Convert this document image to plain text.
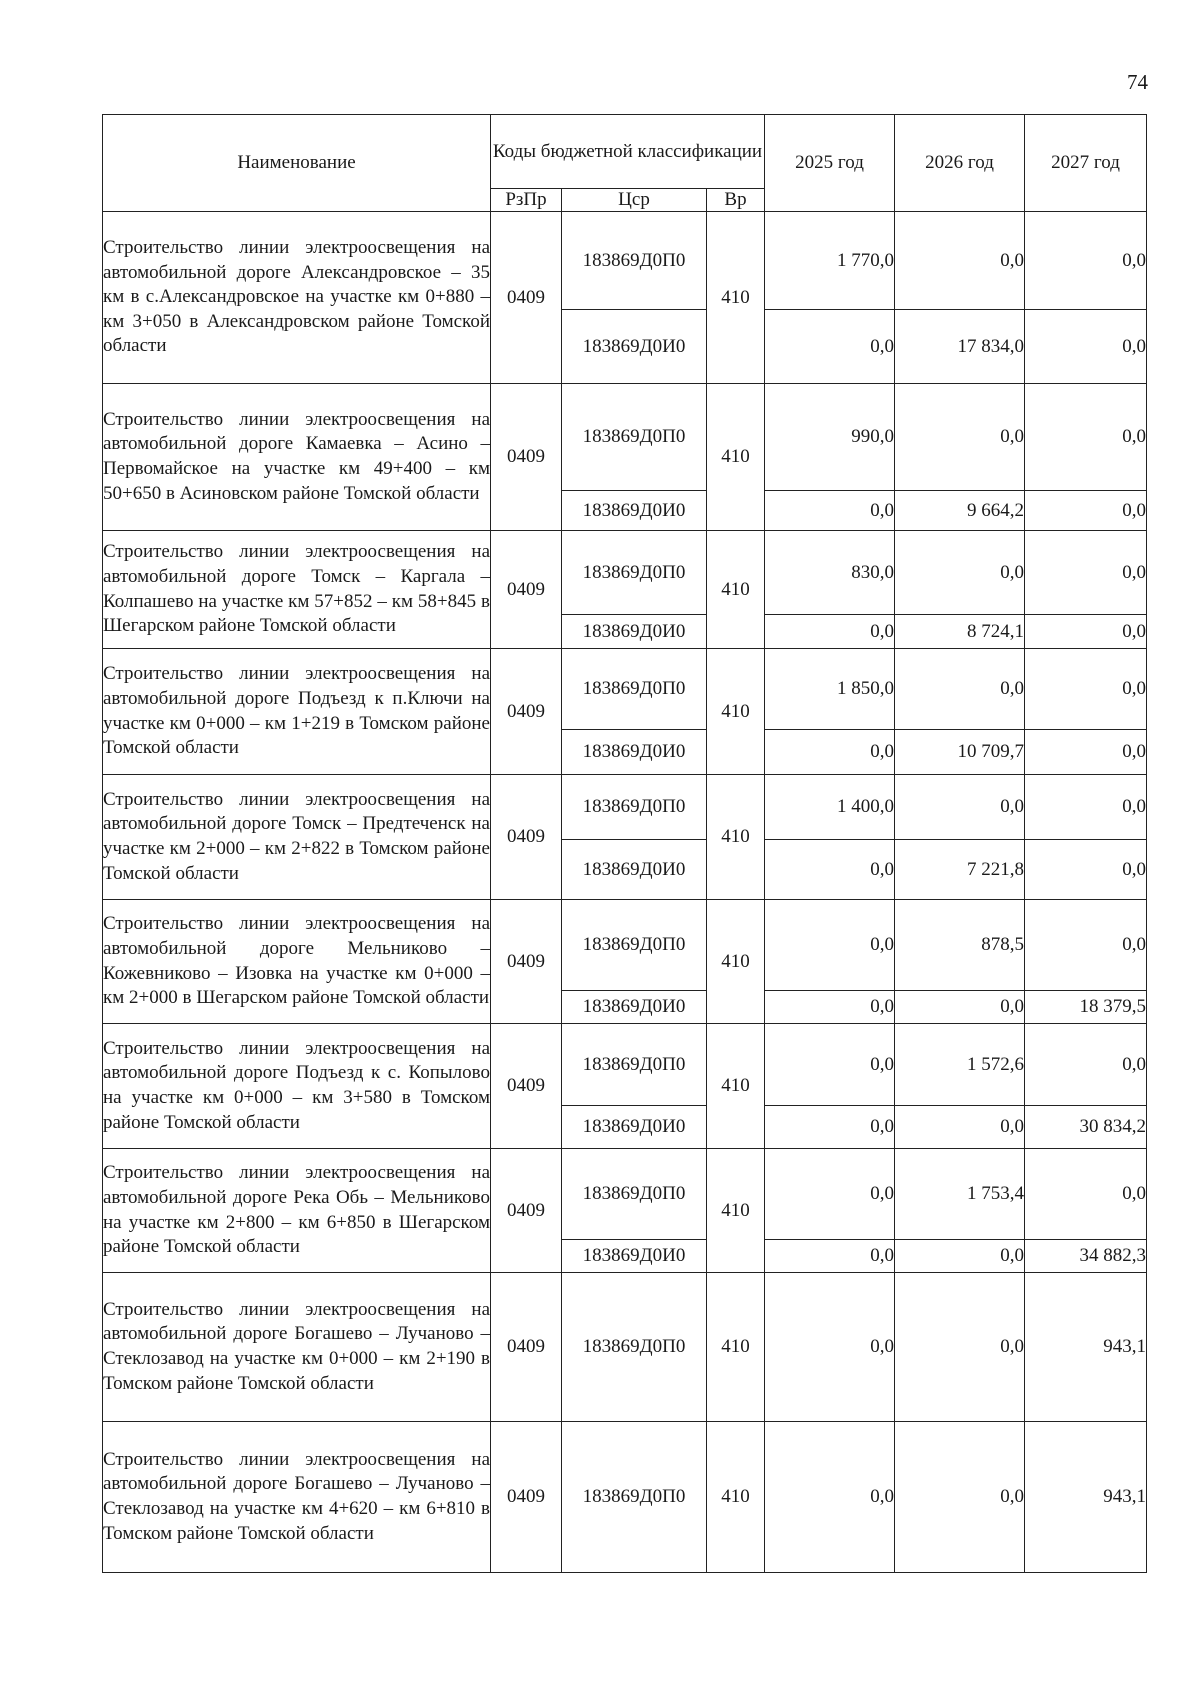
74
Наименование	Коды бюджетной классификации			2025 год	2026 год	2027 год
	РзПр	Цср	Вр			
Строительство линии электроосвещения на автомобильной дороге Александровское – 35 км в с.Александровское на участке км 0+880 – км 3+050 в Александровском районе Томской области	0409	183869Д0П0	410	1 770,0	0,0	0,0
		183869Д0И0		0,0	17 834,0	0,0
Строительство линии электроосвещения на автомобильной дороге Камаевка – Асино – Первомайское на участке км 49+400 – км 50+650 в Асиновском районе Томской области	0409	183869Д0П0	410	990,0	0,0	0,0
		183869Д0И0		0,0	9 664,2	0,0
Строительство линии электроосвещения на автомобильной дороге Томск – Каргала – Колпашево на участке км 57+852 – км 58+845 в Шегарском районе Томской области	0409	183869Д0П0	410	830,0	0,0	0,0
		183869Д0И0		0,0	8 724,1	0,0
Строительство линии электроосвещения на автомобильной дороге Подъезд к п.Ключи на участке км 0+000 – км 1+219 в Томском районе Томской области	0409	183869Д0П0	410	1 850,0	0,0	0,0
		183869Д0И0		0,0	10 709,7	0,0
Строительство линии электроосвещения на автомобильной дороге Томск – Предтеченск на участке км 2+000 – км 2+822 в Томском районе Томской области	0409	183869Д0П0	410	1 400,0	0,0	0,0
		183869Д0И0		0,0	7 221,8	0,0
Строительство линии электроосвещения на автомобильной дороге Мельниково – Кожевниково – Изовка на участке км 0+000 – км 2+000 в Шегарском районе Томской области	0409	183869Д0П0	410	0,0	878,5	0,0
		183869Д0И0		0,0	0,0	18 379,5
Строительство линии электроосвещения на автомобильной дороге Подъезд к с. Копылово на участке км 0+000 – км 3+580 в Томском районе Томской области	0409	183869Д0П0	410	0,0	1 572,6	0,0
		183869Д0И0		0,0	0,0	30 834,2
Строительство линии электроосвещения на автомобильной дороге Река Обь – Мельниково на участке км 2+800 – км 6+850 в Шегарском районе Томской области	0409	183869Д0П0	410	0,0	1 753,4	0,0
		183869Д0И0		0,0	0,0	34 882,3
Строительство линии электроосвещения на автомобильной дороге Богашево – Лучаново – Стеклозавод на участке км 0+000 – км 2+190 в Томском районе Томской области	0409	183869Д0П0	410	0,0	0,0	943,1
Строительство линии электроосвещения на автомобильной дороге Богашево – Лучаново – Стеклозавод на участке км 4+620 – км 6+810 в Томском районе Томской области	0409	183869Д0П0	410	0,0	0,0	943,1
